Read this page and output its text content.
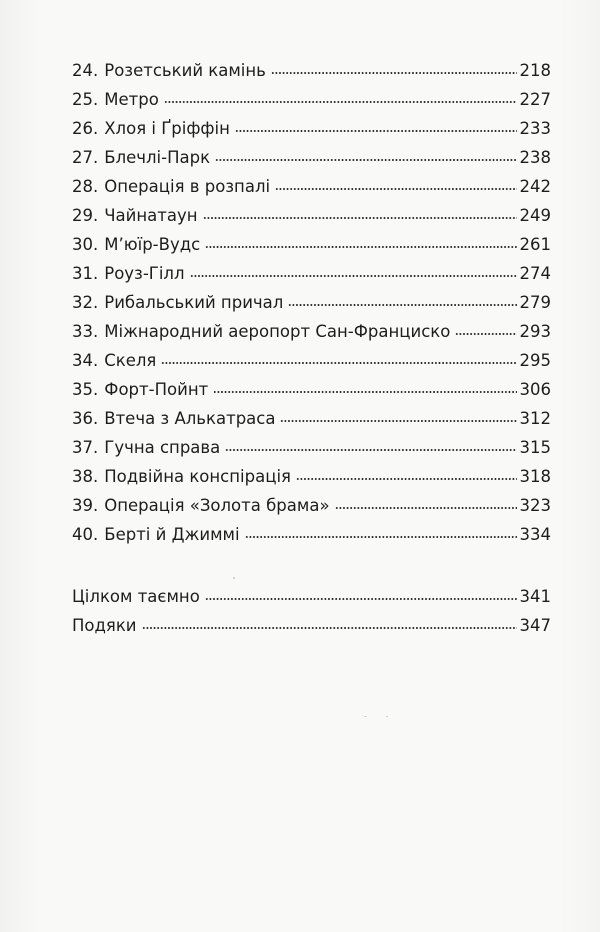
24. Розетський камінь	218
25. Метро	227
26. Хлоя і Ґріффін	233
27. Блечлі-Парк	238
28. Операція в розпалі	242
29. Чайнатаун	249
30. М’юїр-Вудс	261
31. Роуз-Гілл	274
32. Рибальський причал	279
33. Міжнародний аеропорт Сан-Франциско	293
34. Скеля	295
35. Форт-Пойнт	306
36. Втеча з Алькатраса	312
37. Гучна справа	315
38. Подвійна конспірація	318
39. Операція «Золота брама»	323
40. Берті й Джиммі	334
Цілком таємно	341
Подяки	347
